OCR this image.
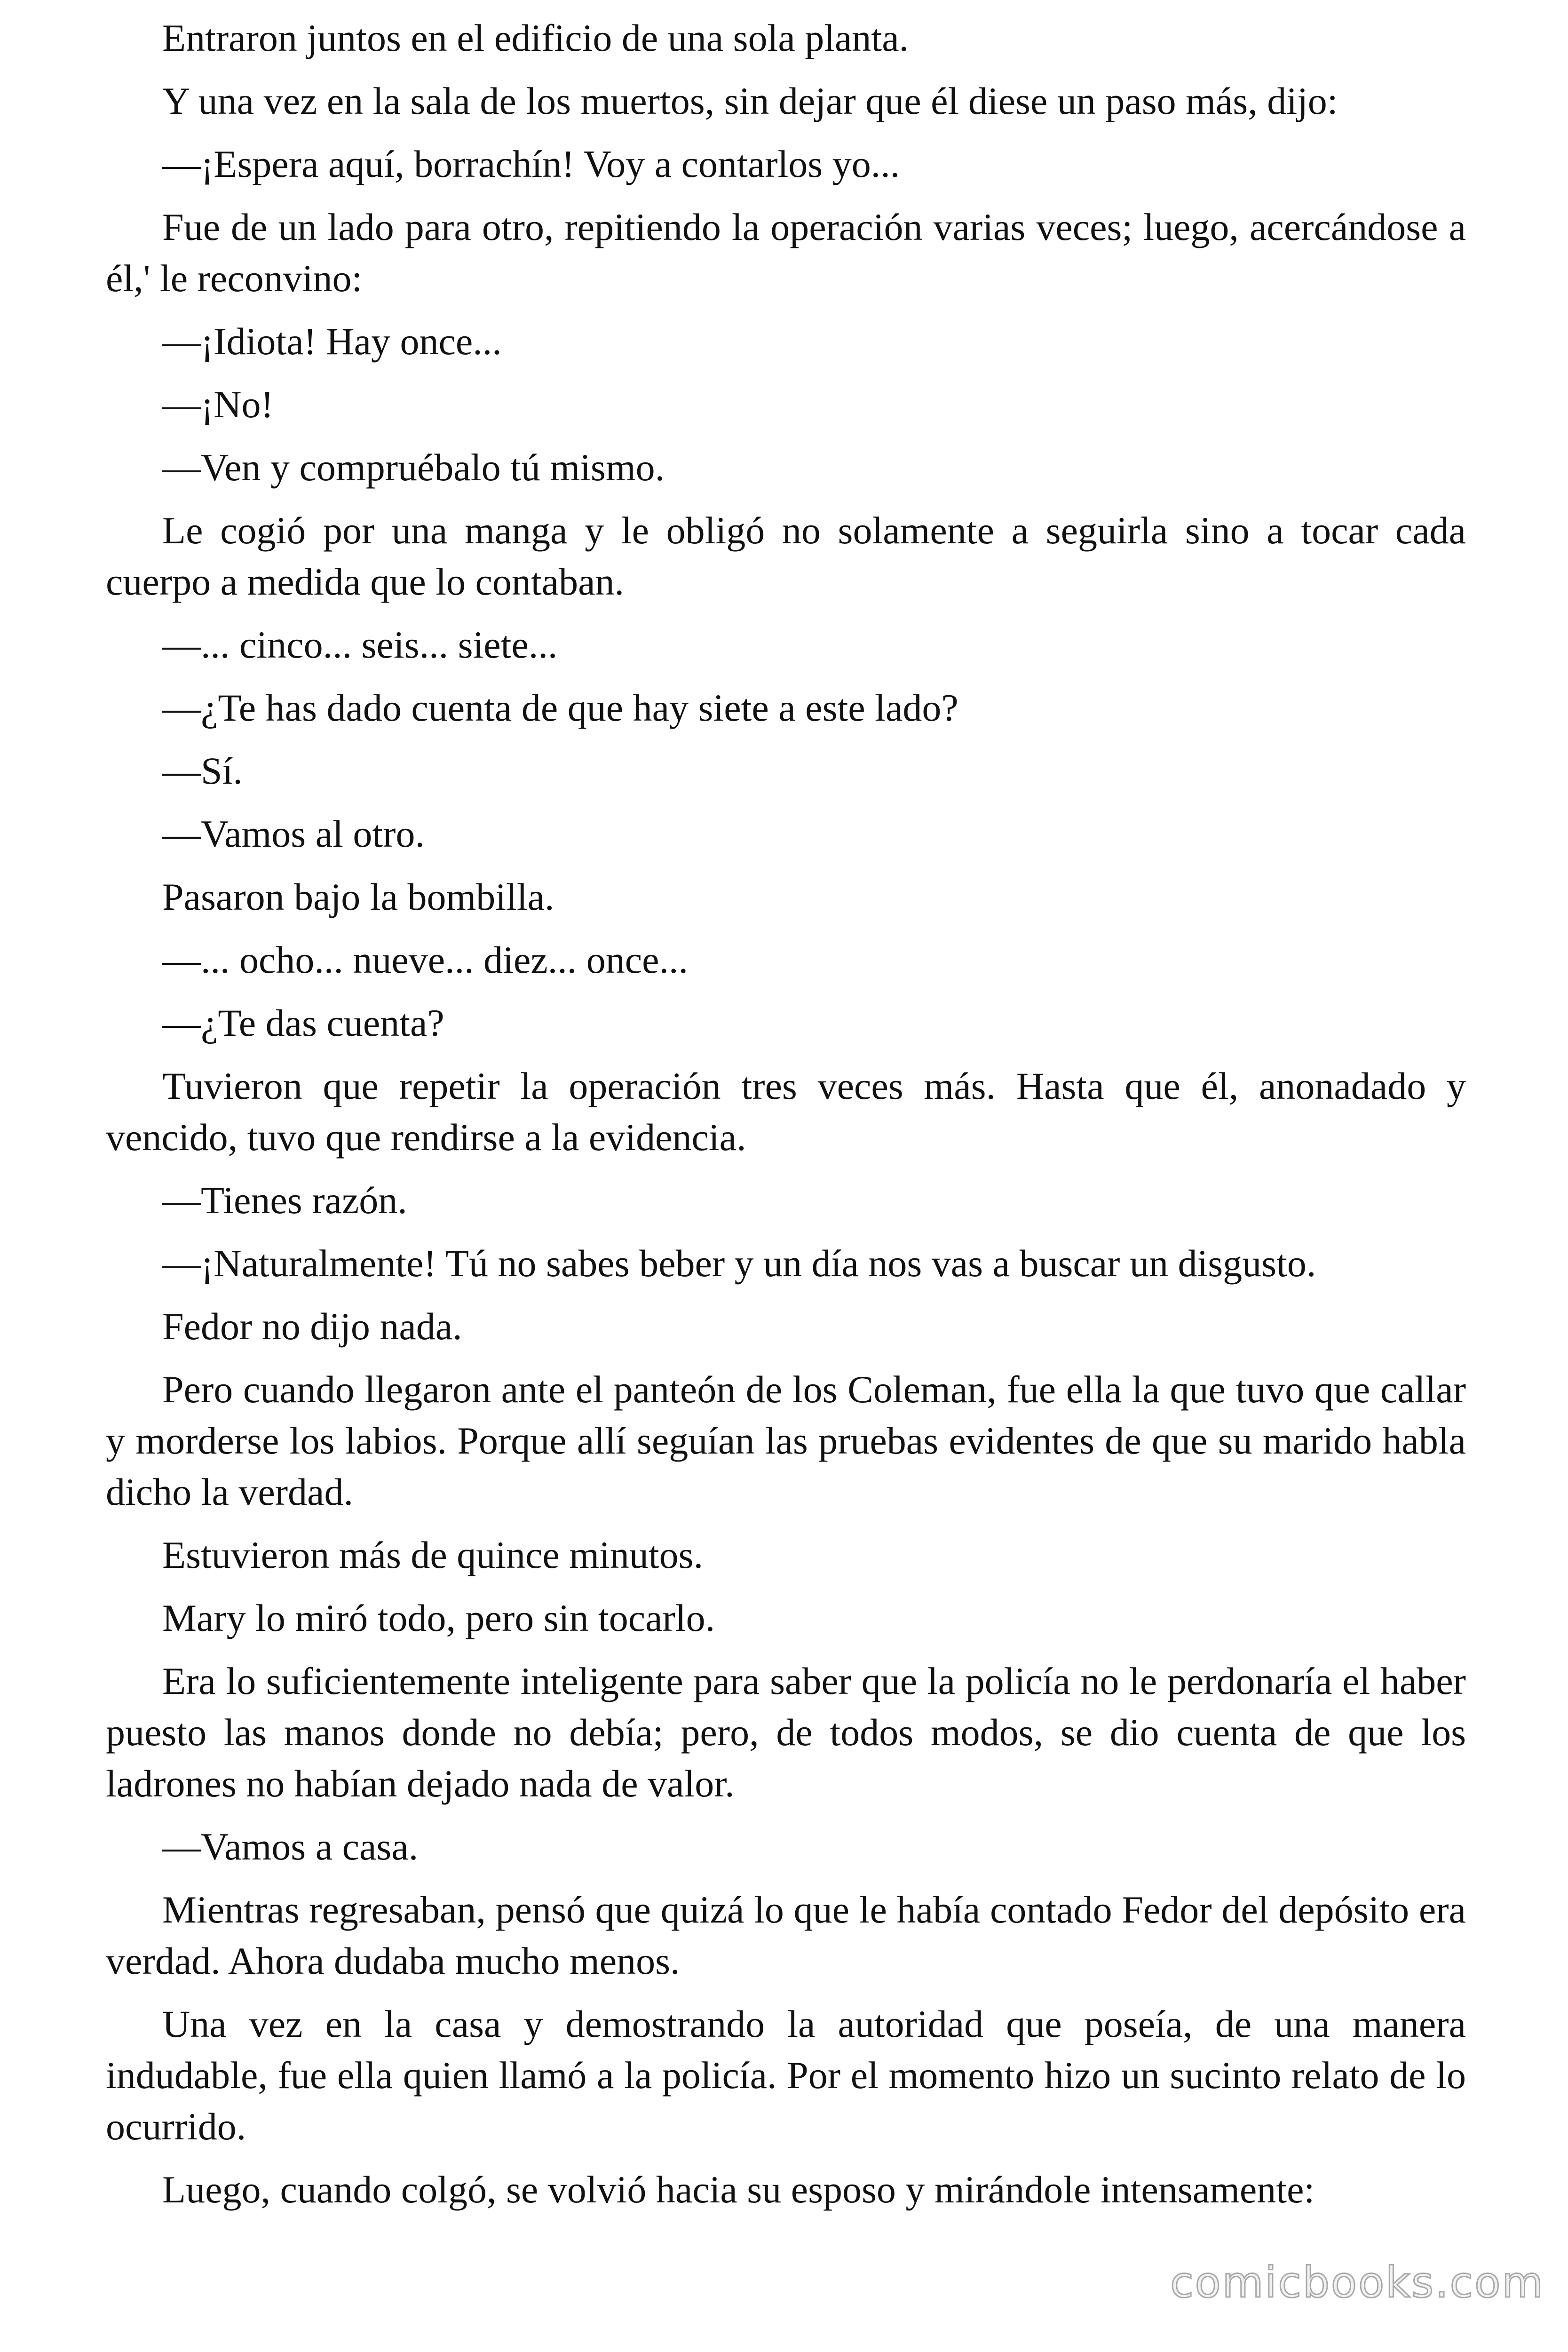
Entraron juntos en el edificio de una sola planta.

Y una vez en la sala de los muertos, sin dejar que él diese un paso más, dijo:

—¡Espera aquí, borrachín! Voy a contarlos yo...

Fue de un lado para otro, repitiendo la operación varias veces; luego, acercándose a él,' le reconvino:

—¡Idiota! Hay once...

—¡No!

—Ven y compruébalo tú mismo.

Le cogió por una manga y le obligó no solamente a seguirla sino a tocar cada cuerpo a medida que lo contaban.

—... cinco... seis... siete...

—¿Te has dado cuenta de que hay siete a este lado?

—Sí.

—Vamos al otro.

Pasaron bajo la bombilla.

—... ocho... nueve... diez... once...

—¿Te das cuenta?

Tuvieron que repetir la operación tres veces más. Hasta que él, anonadado y vencido, tuvo que rendirse a la evidencia.

—Tienes razón.

—¡Naturalmente! Tú no sabes beber y un día nos vas a buscar un disgusto.

Fedor no dijo nada.

Pero cuando llegaron ante el panteón de los Coleman, fue ella la que tuvo que callar y morderse los labios. Porque allí seguían las pruebas evidentes de que su marido habla dicho la verdad.

Estuvieron más de quince minutos.

Mary lo miró todo, pero sin tocarlo.

Era lo suficientemente inteligente para saber que la policía no le perdonaría el haber puesto las manos donde no debía; pero, de todos modos, se dio cuenta de que los ladrones no habían dejado nada de valor.

—Vamos a casa.

Mientras regresaban, pensó que quizá lo que le había contado Fedor del depósito era verdad. Ahora dudaba mucho menos.

Una vez en la casa y demostrando la autoridad que poseía, de una manera indudable, fue ella quien llamó a la policía. Por el momento hizo un sucinto relato de lo ocurrido.

Luego, cuando colgó, se volvió hacia su esposo y mirándole intensamente:

comicbooks.com
